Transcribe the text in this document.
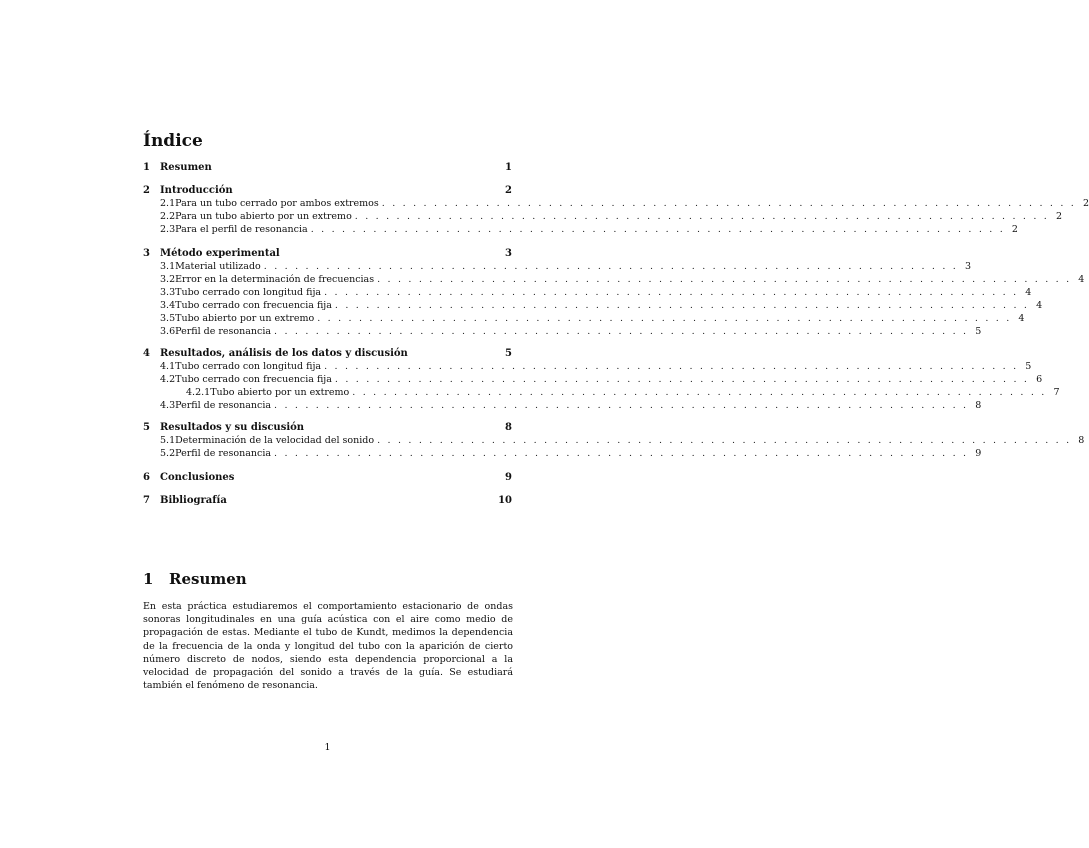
Índice
1	Resumen	1
2	Introducción	2
2.1 Para un tubo cerrado por ambos extremos . . .	2
2.2 Para un tubo abierto por un extremo . . .	2
2.3 Para el perfil de resonancia . . .	2
3	Método experimental	3
3.1 Material utilizado . . .	3
3.2 Error en la determinación de frecuencias . . .	4
3.3 Tubo cerrado con longitud fija . . .	4
3.4 Tubo cerrado con frecuencia fija . . .	4
3.5 Tubo abierto por un extremo . . .	4
3.6 Perfil de resonancia . . .	5
4	Resultados, análisis de los datos y discusión	5
4.1 Tubo cerrado con longitud fija . . .	5
4.2 Tubo cerrado con frecuencia fija . . .	6
4.2.1 Tubo abierto por un extremo . . .	7
4.3 Perfil de resonancia . . .	8
5	Resultados y su discusión	8
5.1 Determinación de la velocidad del sonido . . .	8
5.2 Perfil de resonancia . . .	9
6	Conclusiones	9
7	Bibliografía	10
1 Resumen

En esta práctica estudiaremos el comportamiento estacionario de ondas sonoras longitudinales en una guía acústica con el aire como medio de propagación de estas. Mediante el tubo de Kundt, medimos la dependencia de la frecuencia de la onda y longitud del tubo con la aparición de cierto número discreto de nodos, siendo esta dependencia proporcional a la velocidad de propagación del sonido a través de la guía. Se estudiará también el fenómeno de resonancia.

1
